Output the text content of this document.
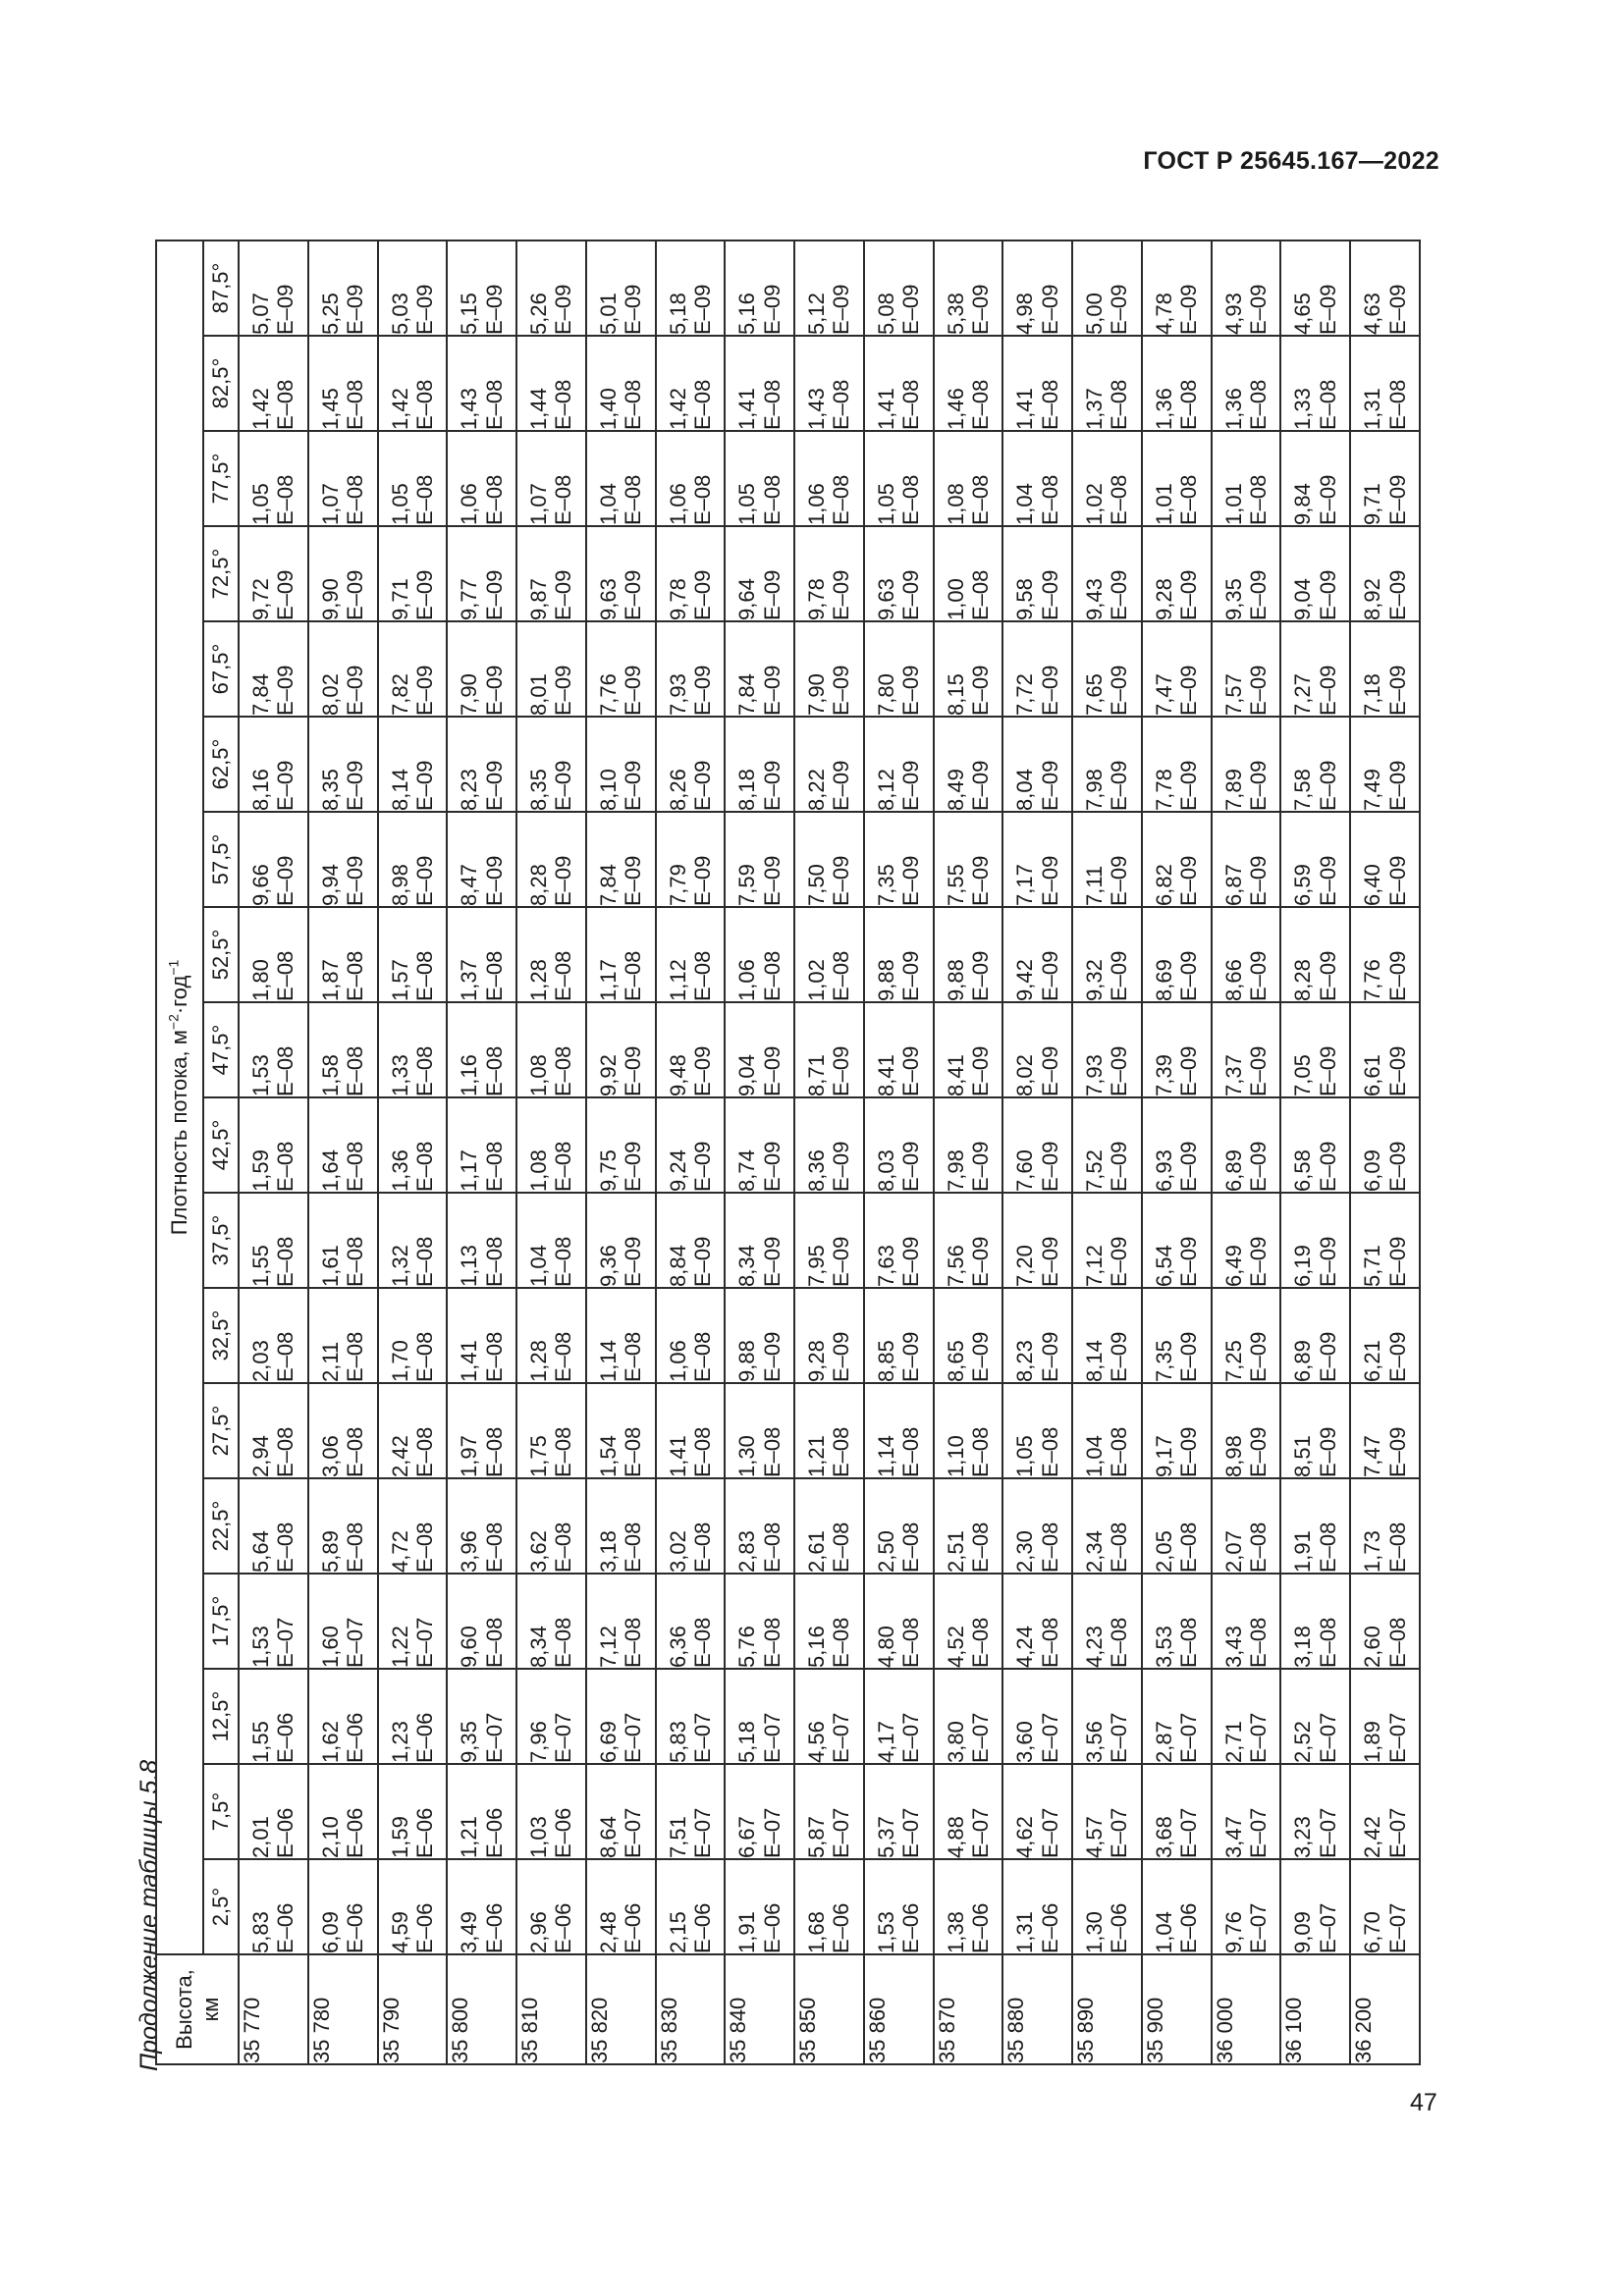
ГОСТ Р 25645.167—2022
Продолжение таблицы 5.8 Высота, км	Плотность потока, $м^{-2}\cdot год^{-1}$
	2,5°	7,5°	12,5°	17,5°	22,5°	27,5°	32,5°	37,5°	42,5°	47,5°	52,5°	57,5°	62,5°	67,5°	72,5°	77,5°	82,5°	87,5°
35 770	5,83 E–06	2,01 E–06	1,55 E–06	1,53 E–07	5,64 E–08	2,94 E–08	2,03 E–08	1,55 E–08	1,59 E–08	1,53 E–08	1,80 E–08	9,66 E–09	8,16 E–09	7,84 E–09	9,72 E–09	1,05 E–08	1,42 E–08	5,07 E–09

35 780	6,09 E–06	2,10 E–06	1,62 E–06	1,60 E–07	5,89 E–08	3,06 E–08	2,11 E–08	1,61 E–08	1,64 E–08	1,58 E–08	1,87 E–08	9,94 E–09	8,35 E–09	8,02 E–09	9,90 E–09	1,07 E–08	1,45 E–08	5,25 E–09

35 790	4,59 E–06	1,59 E–06	1,23 E–06	1,22 E–07	4,72 E–08	2,42 E–08	1,70 E–08	1,32 E–08	1,36 E–08	1,33 E–08	1,57 E–08	8,98 E–09	8,14 E–09	7,82 E–09	9,71 E–09	1,05 E–08	1,42 E–08	5,03 E–09

35 800	3,49 E–06	1,21 E–06	9,35 E–07	9,60 E–08	3,96 E–08	1,97 E–08	1,41 E–08	1,13 E–08	1,17 E–08	1,16 E–08	1,37 E–08	8,47 E–09	8,23 E–09	7,90 E–09	9,77 E–09	1,06 E–08	1,43 E–08	5,15 E–09

35 810	2,96 E–06	1,03 E–06	7,96 E–07	8,34 E–08	3,62 E–08	1,75 E–08	1,28 E–08	1,04 E–08	1,08 E–08	1,08 E–08	1,28 E–08	8,28 E–09	8,35 E–09	8,01 E–09	9,87 E–09	1,07 E–08	1,44 E–08	5,26 E–09

35 820	2,48 E–06	8,64 E–07	6,69 E–07	7,12 E–08	3,18 E–08	1,54 E–08	1,14 E–08	9,36 E–09	9,75 E–09	9,92 E–09	1,17 E–08	7,84 E–09	8,10 E–09	7,76 E–09	9,63 E–09	1,04 E–08	1,40 E–08	5,01 E–09

35 830	2,15 E–06	7,51 E–07	5,83 E–07	6,36 E–08	3,02 E–08	1,41 E–08	1,06 E–08	8,84 E–09	9,24 E–09	9,48 E–09	1,12 E–08	7,79 E–09	8,26 E–09	7,93 E–09	9,78 E–09	1,06 E–08	1,42 E–08	5,18 E–09

35 840	1,91 E–06	6,67 E–07	5,18 E–07	5,76 E–08	2,83 E–08	1,30 E–08	9,88 E–09	8,34 E–09	8,74 E–09	9,04 E–09	1,06 E–08	7,59 E–09	8,18 E–09	7,84 E–09	9,64 E–09	1,05 E–08	1,41 E–08	5,16 E–09

35 850	1,68 E–06	5,87 E–07	4,56 E–07	5,16 E–08	2,61 E–08	1,21 E–08	9,28 E–09	7,95 E–09	8,36 E–09	8,71 E–09	1,02 E–08	7,50 E–09	8,22 E–09	7,90 E–09	9,78 E–09	1,06 E–08	1,43 E–08	5,12 E–09

35 860	1,53 E–06	5,37 E–07	4,17 E–07	4,80 E–08	2,50 E–08	1,14 E–08	8,85 E–09	7,63 E–09	8,03 E–09	8,41 E–09	9,88 E–09	7,35 E–09	8,12 E–09	7,80 E–09	9,63 E–09	1,05 E–08	1,41 E–08	5,08 E–09

35 870	1,38 E–06	4,88 E–07	3,80 E–07	4,52 E–08	2,51 E–08	1,10 E–08	8,65 E–09	7,56 E–09	7,98 E–09	8,41 E–09	9,88 E–09	7,55 E–09	8,49 E–09	8,15 E–09	1,00 E–08	1,08 E–08	1,46 E–08	5,38 E–09

35 880	1,31 E–06	4,62 E–07	3,60 E–07	4,24 E–08	2,30 E–08	1,05 E–08	8,23 E–09	7,20 E–09	7,60 E–09	8,02 E–09	9,42 E–09	7,17 E–09	8,04 E–09	7,72 E–09	9,58 E–09	1,04 E–08	1,41 E–08	4,98 E–09

35 890	1,30 E–06	4,57 E–07	3,56 E–07	4,23 E–08	2,34 E–08	1,04 E–08	8,14 E–09	7,12 E–09	7,52 E–09	7,93 E–09	9,32 E–09	7,11 E–09	7,98 E–09	7,65 E–09	9,43 E–09	1,02 E–08	1,37 E–08	5,00 E–09

35 900	1,04 E–06	3,68 E–07	2,87 E–07	3,53 E–08	2,05 E–08	9,17 E–09	7,35 E–09	6,54 E–09	6,93 E–09	7,39 E–09	8,69 E–09	6,82 E–09	7,78 E–09	7,47 E–09	9,28 E–09	1,01 E–08	1,36 E–08	4,78 E–09

36 000	9,76 E–07	3,47 E–07	2,71 E–07	3,43 E–08	2,07 E–08	8,98 E–09	7,25 E–09	6,49 E–09	6,89 E–09	7,37 E–09	8,66 E–09	6,87 E–09	7,89 E–09	7,57 E–09	9,35 E–09	1,01 E–08	1,36 E–08	4,93 E–09

36 100	9,09 E–07	3,23 E–07	2,52 E–07	3,18 E–08	1,91 E–08	8,51 E–09	6,89 E–09	6,19 E–09	6,58 E–09	7,05 E–09	8,28 E–09	6,59 E–09	7,58 E–09	7,27 E–09	9,04 E–09	9,84 E–09	1,33 E–08	4,65 E–09

36 200	6,70 E–07	2,42 E–07	1,89 E–07	2,60 E–08	1,73 E–08	7,47 E–09	6,21 E–09	5,71 E–09	6,09 E–09	6,61 E–09	7,76 E–09	6,40 E–09	7,49 E–09	7,18 E–09	8,92 E–09	9,71 E–09	1,31 E–08	4,63 E–09
47
